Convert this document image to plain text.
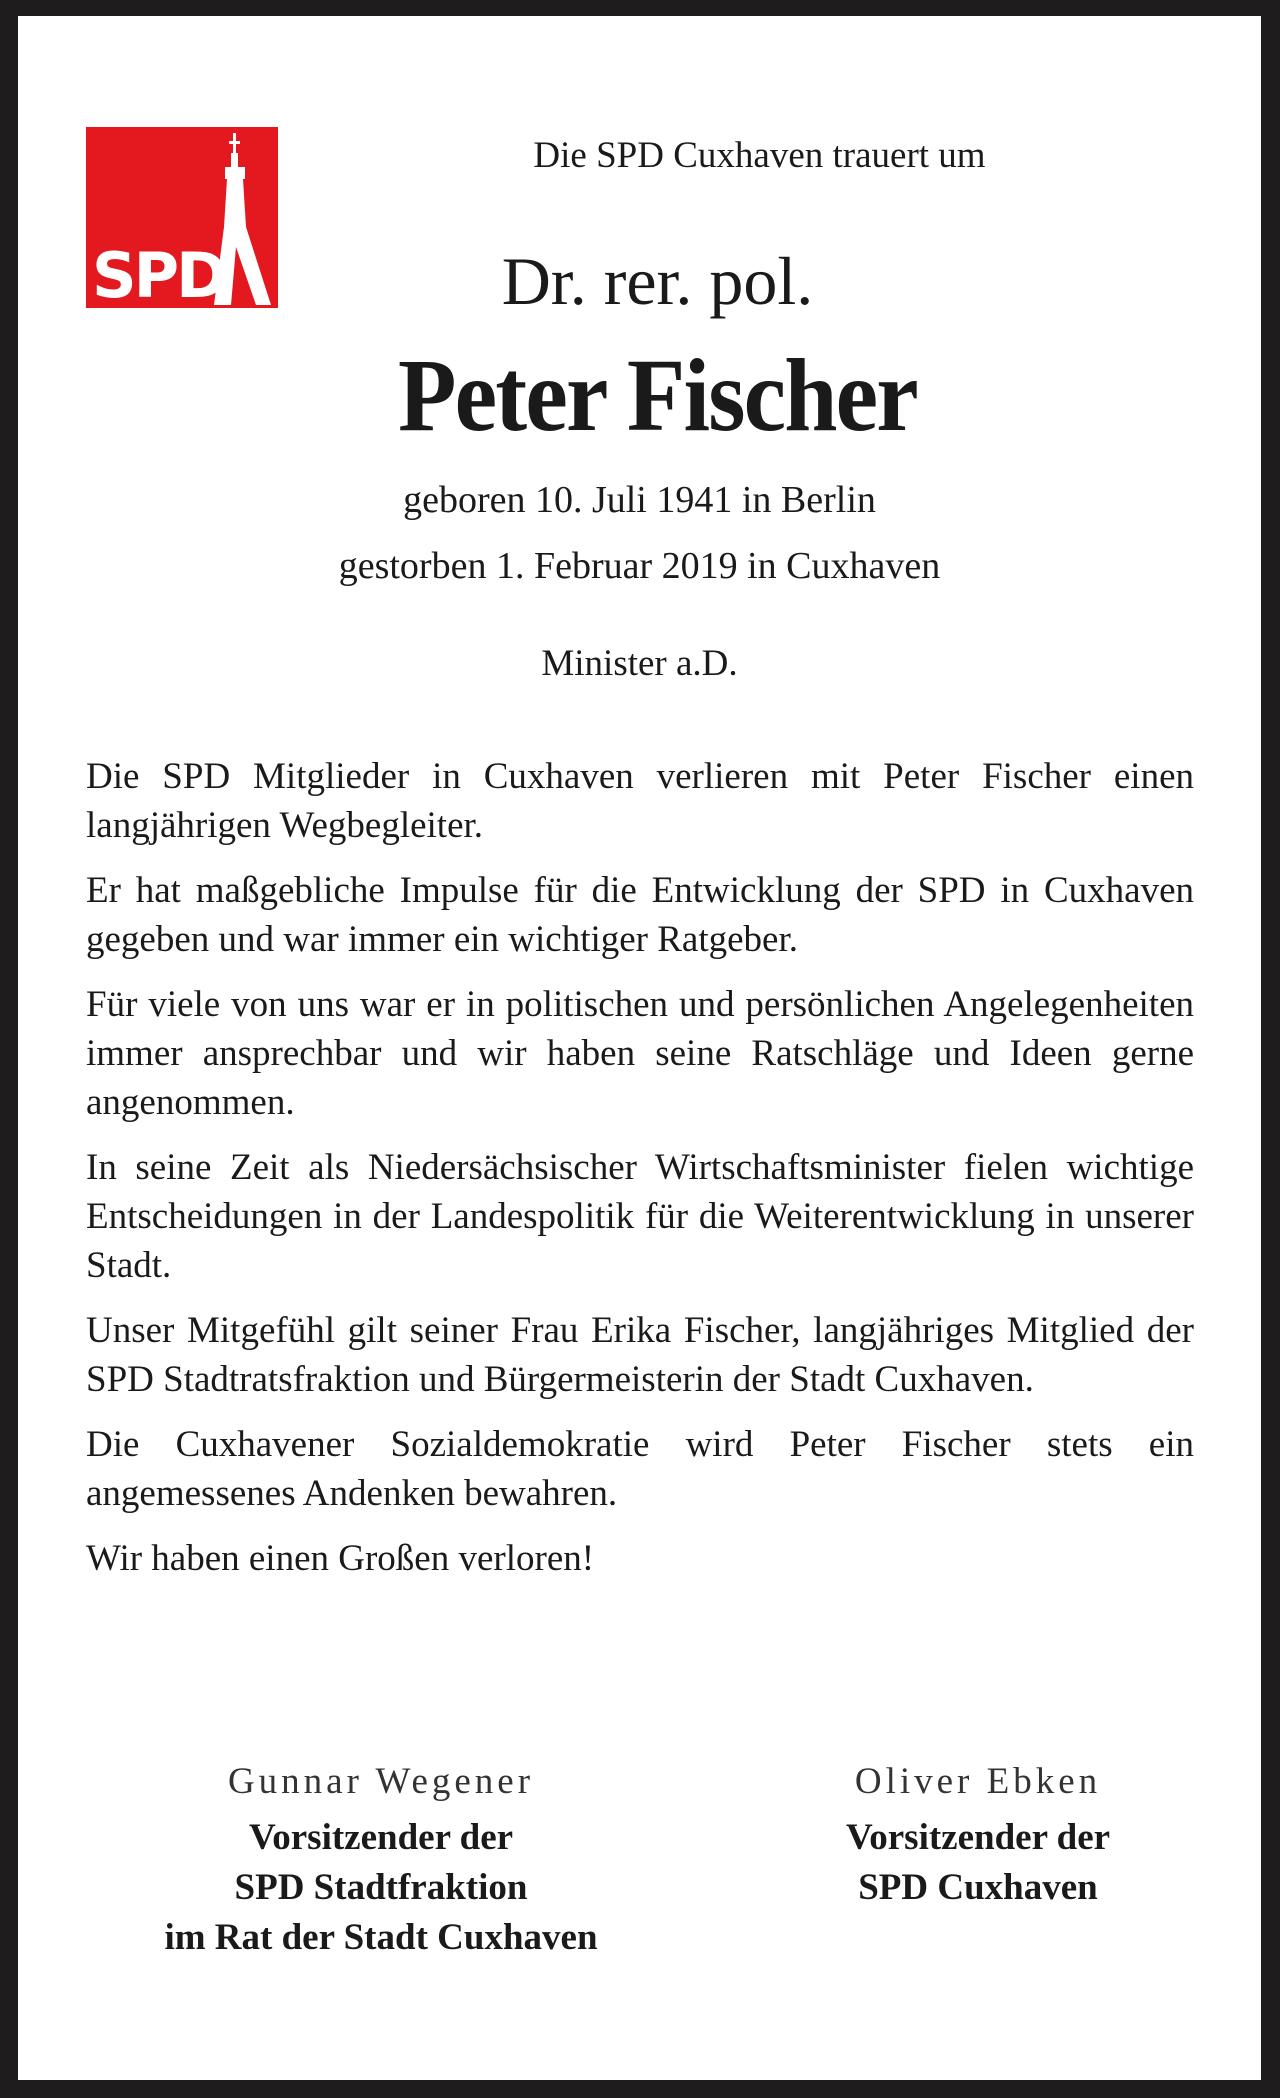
SPD
Die SPD Cuxhaven trauert um
Dr. rer. pol.
Peter Fischer
geboren 10. Juli 1941 in Berlin
gestorben 1. Februar 2019 in Cuxhaven
Minister a.D.

Die SPD Mitglieder in Cuxhaven verlieren mit Peter Fischer einen langjährigen Wegbegleiter.

Er hat maßgebliche Impulse für die Entwicklung der SPD in Cuxhaven gegeben und war immer ein wichtiger Ratgeber.

Für viele von uns war er in politischen und persönlichen Angelegenheiten immer ansprechbar und wir haben seine Ratschläge und Ideen gerne angenommen.

In seine Zeit als Niedersächsischer Wirtschaftsminister fielen wichtige Entscheidungen in der Landespolitik für die Weiterentwicklung in unserer Stadt.

Unser Mitgefühl gilt seiner Frau Erika Fischer, langjähriges Mitglied der SPD Stadtratsfraktion und Bürgermeisterin der Stadt Cuxhaven.

Die Cuxhavener Sozialdemokratie wird Peter Fischer stets ein angemessenes Andenken bewahren.

Wir haben einen Großen verloren!

Gunnar Wegener
Vorsitzender der
SPD Stadtfraktion
im Rat der Stadt Cuxhaven
Oliver Ebken
Vorsitzender der
SPD Cuxhaven
